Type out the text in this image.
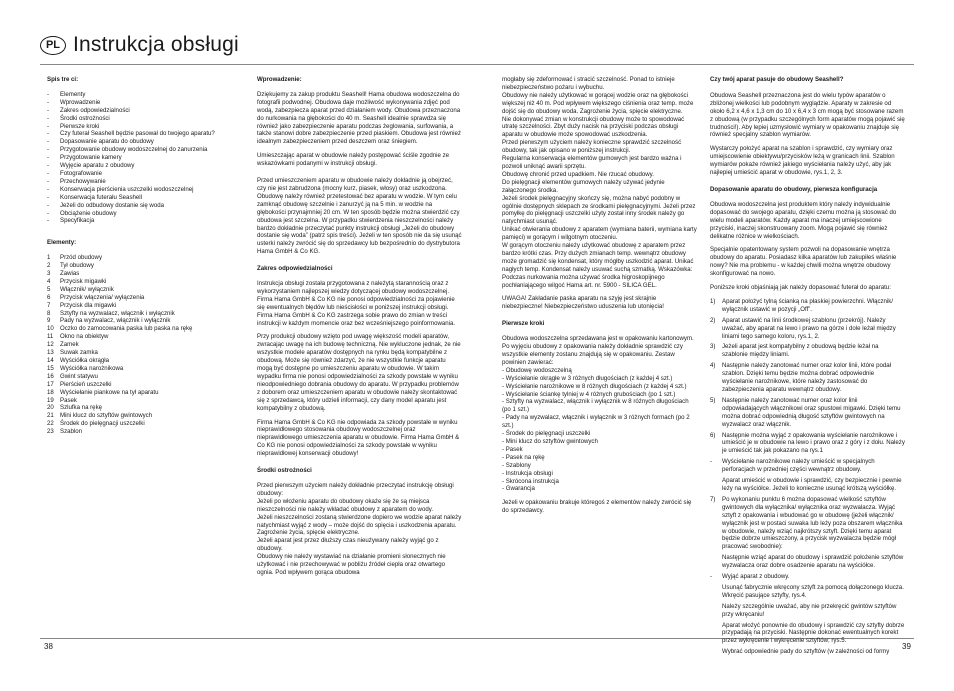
PL Instrukcja obsługi
Spis tre ci:
-	Elementy
-	Wprowadzenie
-	Zakres odpowiedzialności
-	Środki ostrożności
-	Pierwsze kroki
-	Czy futerał Seashell będzie pasował do twojego aparatu?
-	Dopasowanie aparatu do obudowy
-	Przygotowanie obudowy wodoszczelnej do zanurzenia
-	Przygotowanie kamery
-	Wyjęcie aparatu z obudowy
-	Fotografowanie
-	Przechowywanie
-	Konserwacja pierścienia uszczelki wodoszczelnej
-	Konserwacja futerału Seashell
-	Jeżeli do odbudowy dostanie się woda
-	Obciążenie obudowy
-	Specyfikacja
Elementy:
1	Przód obudowy
2	Tył obudowy
3	Zawias
4	Przycisk migawki
5	Włącznik/ wyłącznik
6	Przycisk włączenia/ wyłączenia
7	Przycisk dla migawki
8	Sztyfty na wyzwalacz, włącznik i wyłącznik
9	Pady na wyzwalacz, włącznik i wyłącznik
10	Oczko do zamocowania paska lub paska na rękę
11	Okno na obiektyw
12	Zamek
13	Suwak zamka
14	Wyściółka okrągła
15	Wyściółka narożnikowa
16	Gwint statywu
17	Pierścień uszczelki
18	Wyściełanie piankowe na tył aparatu
19	Pasek
20	Szlufka na rękę
21	Mini klucz do sztyftów gwintowych
22	Środek do pielęgnacji uszczelki
23	Szablon
Wprowadzenie:

Dziękujemy za zakup produktu Seashell! Hama obudowa wodoszczelna do fotografii podwodnej. Obudowa daje możliwość wykonywania zdjęć pod wodą, zabezpiecza aparat przed działaniem wody. Obudowa przeznaczona do nurkowania na głębokości do 40 m. Seashell idealnie sprawdza się również jako zabezpieczenie aparatu podczas żeglowania, surfowania, a także stanowi dobre zabezpieczenie przed piaskiem. Obudowa jest również idealnym zabezpieczeniem przed deszczem oraz śniegiem.

Umieszczając aparat w obudowie należy postępować ściśle zgodnie ze wskazówkami podanymi w instrukcji obsługi.

Przed umieszczeniem aparatu w obudowie należy dokładnie ją obejrzeć, czy nie jest zabrudzona (mocny kurz, piasek, włosy) oraz uszkodzona. Obudowę należy również przetestować bez aparatu w wodzie. W tym celu zamknąć obudowę szczelnie i zanurzyć ją na 5 min. w wodzie na głębokości przynajmniej 20 cm. W ten sposób będzie można stwierdzić czy obudowa jest szczelna. W przypadku stwierdzenia nieszczelności należy bardzo dokładnie przeczytać punkty instrukcji obsługi „Jeżeli do obudowy dostanie się woda” (patrz spis treści). Jeżeli w ten sposób nie da się usunąć usterki należy zwrócić się do sprzedawcy lub bezpośrednio do dystrybutora Hama GmbH & Co KG.

Zakres odpowiedzialności

Instrukcja obsługi została przygotowana z należytą starannością oraz z wykorzystaniem najlepszej wiedzy dotyczącej obudowy wodoszczelnej. Firma Hama GmbH & Co KG nie ponosi odpowiedzialności za pojawienie się ewentualnych błędów lub nieścisłości w poniższej instrukcji obsługi. Firma Hama GmbH & Co KG zastrzega sobie prawo do zmian w treści instrukcji w każdym momencie oraz bez wcześniejszego poinformowania.

Przy produkcji obudowy wzięto pod uwagę większość modeli aparatów, zwracając uwagę na ich budowę techniczną. Nie wykluczone jednak, że nie wszystkie modele aparatów dostępnych na rynku będą kompatybilne z obudową. Może się również zdarzyć, że nie wszystkie funkcje aparatu mogą być dostępne po umieszczeniu aparatu w obudowie. W takim wypadku firma nie ponosi odpowiedzialności za szkody powstałe w wyniku nieodpowiedniego dobrania obudowy do aparatu. W przypadku problemów z doborem oraz umieszczeniem aparatu w obudowie należy skontaktować się z sprzedawcą, który udzieli informacji, czy dany model aparatu jest kompatybilny z obudową.

Firma Hama GmbH & Co KG nie odpowiada za szkody powstałe w wyniku nieprawidłowego stosowania obudowy wodoszczelnej oraz nieprawidłowego umieszczenia aparatu w obudowie. Firma Hama GmbH & Co KG nie ponosi odpowiedzialności za szkody powstałe w wyniku nieprawidłowej konserwacji obudowy!

Środki ostrożności

Przed pierwszym użyciem należy dokładnie przeczytać instrukcję obsługi obudowy:

Jeżeli po włożeniu aparatu do obudowy okaże się że są miejsca nieszczelności nie należy wkładać obudowy z aparatem do wody.

Jeżeli nieszczelności zostaną stwierdzone dopiero we wodzie aparat należy natychmiast wyjąć z wody – może dojść do spięcia i uszkodzenia aparatu. Zagrożenie życia, spięcie elektryczne.

Jeżeli aparat jest przez dłuższy czas nieużywany należy wyjąć go z obudowy.

Obudowy nie należy wystawiać na działanie promieni słonecznych nie użytkować i nie przechowywać w pobliżu źródeł ciepła oraz otwartego ognia. Pod wpływem gorąca obudowa

mogłaby się zdeformować i stracić szczelność. Ponad to istnieje niebezpieczeństwo pożaru i wybuchu.

Obudowy nie należy użytkować w gorącej wodzie oraz na głębokości większej niż 40 m. Pod wpływem większego ciśnienia oraz temp. może dojść się do obudowy woda. Zagrożenie życia, spięcie elektryczne.

Nie dokonywać zmian w konstrukcji obudowy może to spowodować utratę szczelności. Zbyt duży nacisk na przyciski podczas obsługi aparatu w obudowie może spowodować uszkodzenia.

Przed pierwszym użyciem należy konieczne sprawdzić szczelność obudowy, tak jak opisano w poniższej instrukcji.

Regularna konserwacja elementów gumowych jest bardzo ważna i pozwoli uniknąć awarii sprzętu.

Obudowę chronić przed upadkiem. Nie rzucać obudowy.

Do pielęgnacji elementów gumowych należy używać jedynie załączonego środka.

Jeżeli środek pielęgnacyjny skończy się, można nabyć podobny w ogólnie dostępnych sklepach ze środkami pielęgnacyjnymi. Jeżeli przez pomyłkę do pielęgnacji uszczelki użyty został inny środek należy go natychmiast usunąć.

Unikać otwierania obudowy z aparatem (wymiana baterii, wymiana karty pamięci) w gorącym i wilgotnym otoczeniu.

W gorącym otoczeniu należy użytkować obudowę z aparatem przez bardzo krótki czas. Przy dużych zmianach temp. wewnątrz obudowy może gromadzić się kondensat, który mógłby uszkodzić aparat. Unikać nagłych temp. Kondensat należy usuwać suchą szmatką. Wskazówka: Podczas nurkowania można używać środka higroskopijnego pochłaniającego wilgoć Hama art. nr. 5900 - SILICA GEL.

UWAGA! Zakładanie paska aparatu na szyję jest skrajnie niebezpieczne! Niebezpieczeństwo uduszenia lub utonięcia!

Pierwsze kroki

Obudowa wodoszczelna sprzedawana jest w opakowaniu kartonowym. Po wyjęciu obudowy z opakowania należy dokładnie sprawdzić czy wszystkie elementy zostanu znajdują się w opakowaniu. Zestaw powinien zawierać:

- Obudowę wodoszczelną
- Wyściełanie okrągłe w 3 różnych długościach (z każdej 4 szt.)
- Wyściełanie narożnikowe w 8 różnych długościach (z każdej 4 szt.)
- Wyściełanie ściankę tylniej w 4 różnych grubościach (po 1 szt.)
- Sztyfty na wyzwalacz, włącznik i wyłącznik w 8 różnych długościach (po 1 szt.)
- Pady na wyzwalacz, włącznik i wyłącznik w 3 różnych formach (po 2 szt.)
- Środek do pielęgnacji uszczelki
- Mini klucz do sztyftów gwintowych
- Pasek
- Pasek na rękę
- Szablony
- Instrukcja obsługi
- Skrócona instrukcja
- Gwarancja

Jeżeli w opakowaniu brakuje któregoś z elementów należy zwrócić się do sprzedawcy.

Czy twój aparat pasuje do obudowy Seashell?

Obudowa Seashell przeznaczona jest do wielu typów aparatów o zbliżonej wielkości lub podobnym wyglądzie. Aparaty w zakresie od około 6,2 x 4,6 x 1,3 cm do 10 x 6,4 x 3 cm mogą być stosowane razem z obudową (w przypadku szczególnych form aparatów mogą pojawić się trudności!). Aby lepiej uzmysłowić wymiary w opakowaniu znajduje się również specjalny szablon wymiarów.

Wystarczy położyć aparat na szablon i sprawdzić, czy wymiary oraz umiejscowienie obiektywu/przycisków leżą w granicach linii. Szablon wymiarów pokaże również jakiego wyściełania należy użyć, aby jak najlepiej umieścić aparat w obudowie, rys.1, 2, 3.

Dopasowanie aparatu do obudowy, pierwsza konfiguracja

Obudowa wodoszczelna jest produktem który należy indywidualnie dopasować do swojego aparatu, dzięki czemu można ją stosować do wielu modeli aparatów. Każdy aparat ma inaczej umiejscowione przyciski, inaczej skonstruowany zoom. Mogą pojawić się również delikatne różnice w wielkościach.

Specjalnie opatentowany system pozwoli na dopasowanie wnętrza obudowy do aparatu. Posiadasz kilka aparatów lub zakupiłeś właśnie nowy? Nie ma problemu - w każdej chwili można wnętrze obudowy skonfigurować na nowo.

Poniższe kroki objaśniają jak należy dopasować futerał do aparatu:

1)	Aparat położyć tylną ścianką na płaskiej powierzchni. Włącznik/ wyłącznik ustawić w pozycji „Off”.
2)	Aparat ustawić na linii środkowej szablonu (przekrój). Należy uważać, aby aparat na lewo i prawo na górze i dole leżał między liniami tego samego koloru, rys.1, 2.
3)	Jeżeli aparat jest kompatybilny z obudową będzie leżał na szablonie między liniami.
4)	Następnie należy zanotować numer oraz kolor linii, które podał szablon. Dzięki temu będzie można dobrać odpowiednie wyściełanie narożnikowe, które należy zastosować do zabezpieczenia aparatu wewnątrz obudowy.
5)	Następnie należy zanotować numer oraz kolor linii odpowiadających włącznikowi oraz spustowi migawki. Dzięki temu można dobrać odpowiednią długość sztyftów gwintowych na wyzwalacz oraz włącznik.
6)	Następnie można wyjąć z opakowania wyściełanie narożnikowe i umieścić je w obudowie na lewo i prawo oraz z góry i z dołu. Należy je umieścić tak jak pokazano na rys.1
-	Wyściełanie narożnikowe należy umieścić w specjalnych perforacjach w przedniej części wewnątrz obudowy.
Aparat umieścić w obudowie i sprawdzić, czy bezpiecznie i pewnie leży na wyściółce. Jeżeli to konieczne usunąć krótszą wyściółkę.
7)	Po wykonaniu punktu 6 można dopasować wielkość sztyftów gwintowych dla wyłącznika/ wyłącznika oraz wyzwalacza. Wyjąć sztyft z opakowania i wbudować go w obudowę (jeżeli włącznik/ wyłącznik jest w postaci suwaka lub leży poza obszarem włącznika w obudowie, należy wziąć najkrótszy sztyft. Dzięki temu aparat będzie dobrze umieszczony, a przycisk wyzwalacza będzie mógł pracować swobodnie):
Następnie wziąć aparat do obudowy i sprawdzić położenie sztyftów wyzwalacza oraz dobre osadzenie aparatu na wyściółce.
-	Wyjąć aparat z obudowy.
Usunąć fabrycznie wkręcony sztyft za pomocą dołączonego klucza. Wkręcić pasujące sztyfty, rys.4.
Należy szczególnie uważać, aby nie przekręcić gwintów sztyftów przy wkręcaniu!
Aparat włożyć ponownie do obudowy i sprawdzić czy sztyfty dobrze przypadają na przyciski. Następnie dokonać ewentualnych korekt przez wykręcenie i wykręcenie sztyftów; rys.5.
Wybrać odpowiednie pady do sztyftów (w zależności od formy
38	39
